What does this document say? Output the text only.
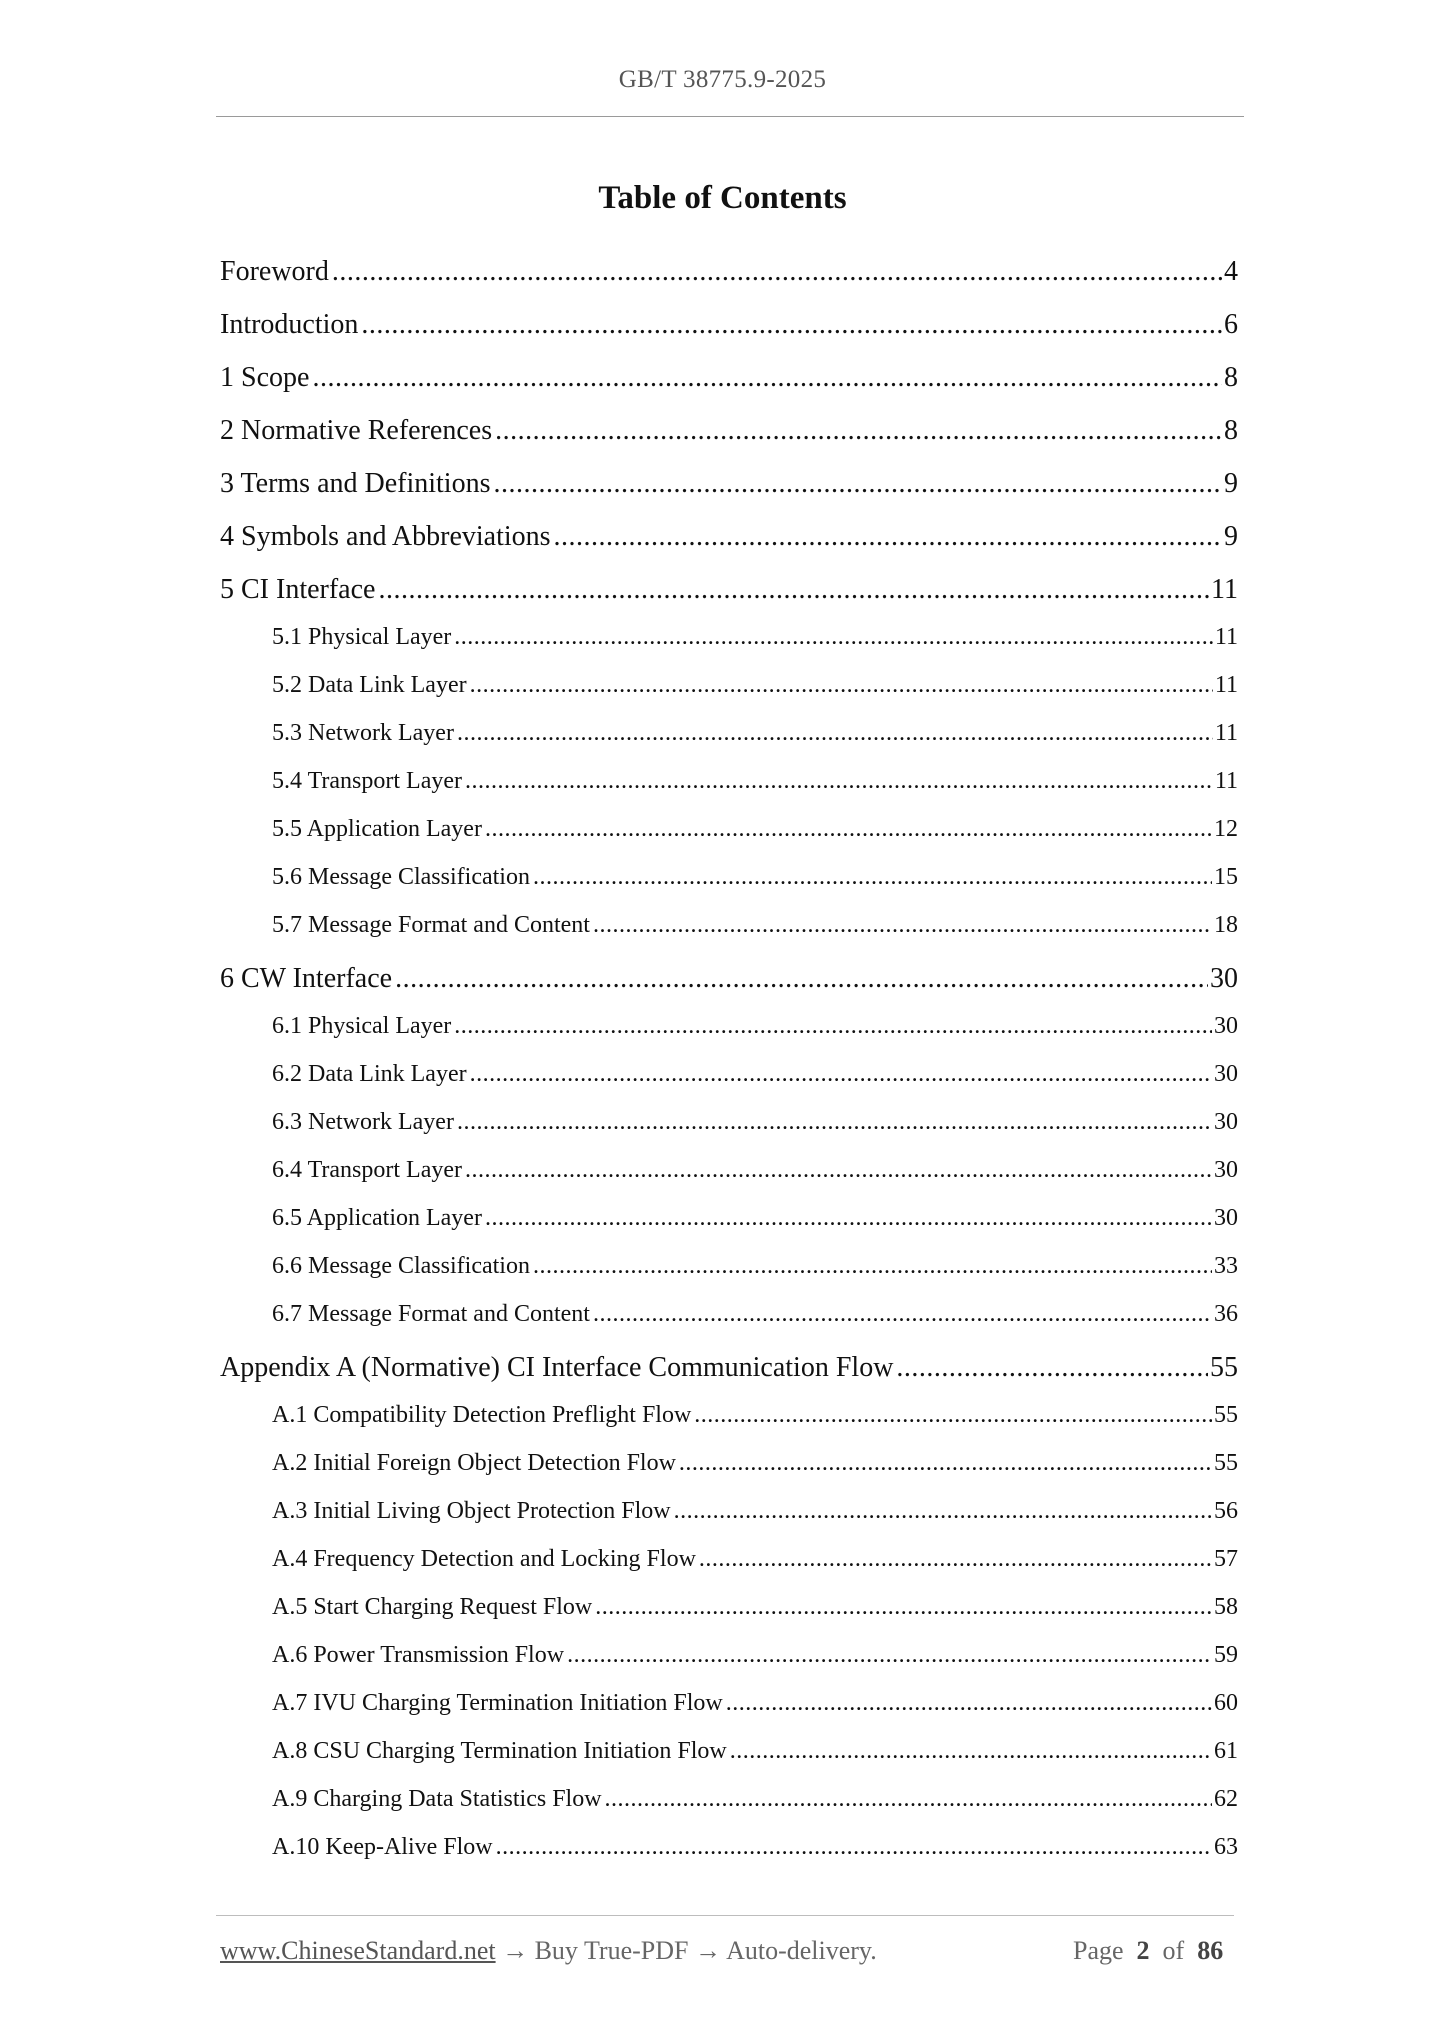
GB/T 38775.9-2025
Table of Contents
Foreword .....	4
Introduction .....	6
1 Scope .....	8
2 Normative References .....	8
3 Terms and Definitions .....	9
4 Symbols and Abbreviations .....	9
5 CI Interface .....	11
5.1 Physical Layer .....	11
5.2 Data Link Layer .....	11
5.3 Network Layer .....	11
5.4 Transport Layer .....	11
5.5 Application Layer .....	12
5.6 Message Classification .....	15
5.7 Message Format and Content .....	18
6 CW Interface .....	30
6.1 Physical Layer .....	30
6.2 Data Link Layer .....	30
6.3 Network Layer .....	30
6.4 Transport Layer .....	30
6.5 Application Layer .....	30
6.6 Message Classification .....	33
6.7 Message Format and Content .....	36
Appendix A (Normative) CI Interface Communication Flow .....	55
A.1 Compatibility Detection Preflight Flow .....	55
A.2 Initial Foreign Object Detection Flow .....	55
A.3 Initial Living Object Protection Flow .....	56
A.4 Frequency Detection and Locking Flow .....	57
A.5 Start Charging Request Flow .....	58
A.6 Power Transmission Flow .....	59
A.7 IVU Charging Termination Initiation Flow .....	60
A.8 CSU Charging Termination Initiation Flow .....	61
A.9 Charging Data Statistics Flow .....	62
A.10 Keep-Alive Flow .....	63
www.ChineseStandard.net → Buy True-PDF → Auto-delivery.	Page 2 of 86
